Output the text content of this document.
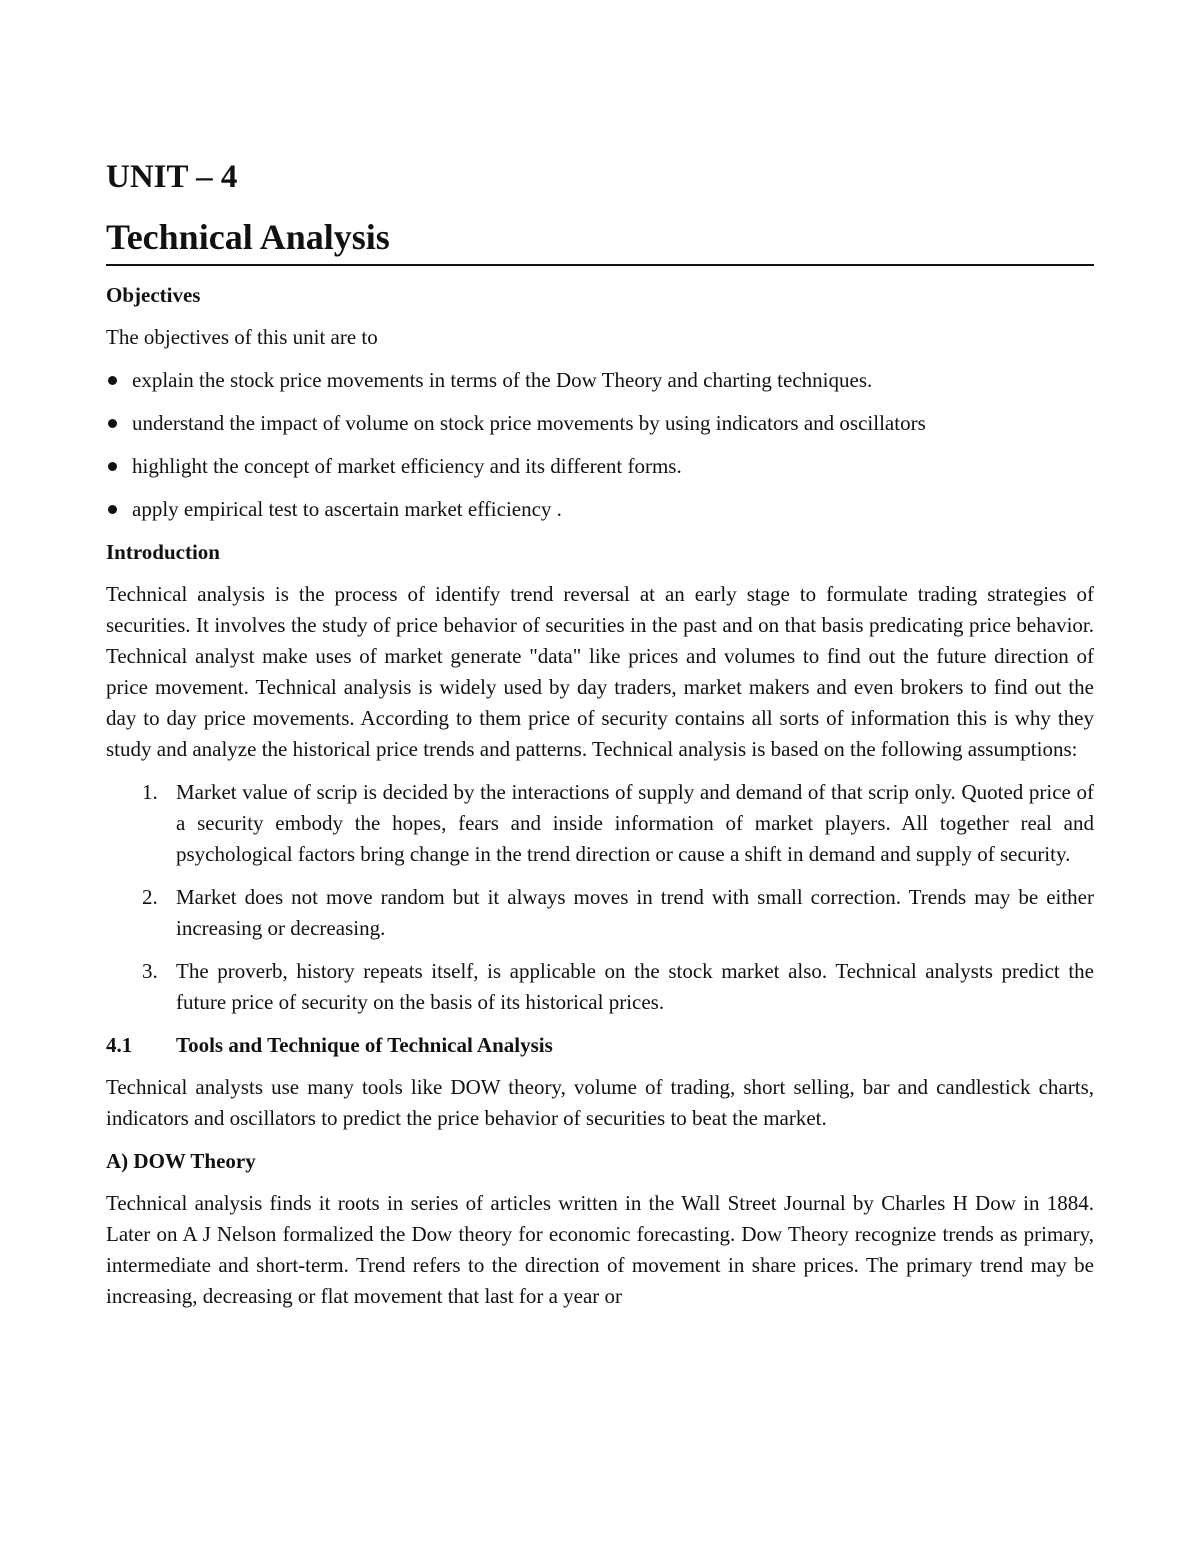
UNIT – 4
Technical Analysis
Objectives

The objectives of this unit are to

explain the stock price movements in terms of the Dow Theory and charting techniques.
understand the impact of volume on stock price movements by using indicators and oscillators
highlight the concept of market efficiency and its different forms.
apply empirical test to ascertain market efficiency .
Introduction

Technical analysis is the process of identify trend reversal at an early stage to formulate trading strategies of securities. It involves the study of price behavior of securities in the past and on that basis predicating price behavior. Technical analyst make uses of market generate "data" like prices and volumes to find out the future direction of price movement. Technical analysis is widely used by day traders, market makers and even brokers to find out the day to day price movements. According to them price of security contains all sorts of information this is why they study and analyze the historical price trends and patterns. Technical analysis is based on the following assumptions:

1. Market value of scrip is decided by the interactions of supply and demand of that scrip only. Quoted price of a security embody the hopes, fears and inside information of market players. All together real and psychological factors bring change in the trend direction or cause a shift in demand and supply of security.
2. Market does not move random but it always moves in trend with small correction. Trends may be either increasing or decreasing.
3. The proverb, history repeats itself, is applicable on the stock market also. Technical analysts predict the future price of security on the basis of its historical prices.
4.1 Tools and Technique of Technical Analysis

Technical analysts use many tools like DOW theory, volume of trading, short selling, bar and candlestick charts, indicators and oscillators to predict the price behavior of securities to beat the market.

A) DOW Theory

Technical analysis finds it roots in series of articles written in the Wall Street Journal by Charles H Dow in 1884. Later on A J Nelson formalized the Dow theory for economic forecasting. Dow Theory recognize trends as primary, intermediate and short-term. Trend refers to the direction of movement in share prices. The primary trend may be increasing, decreasing or flat movement that last for a year or
